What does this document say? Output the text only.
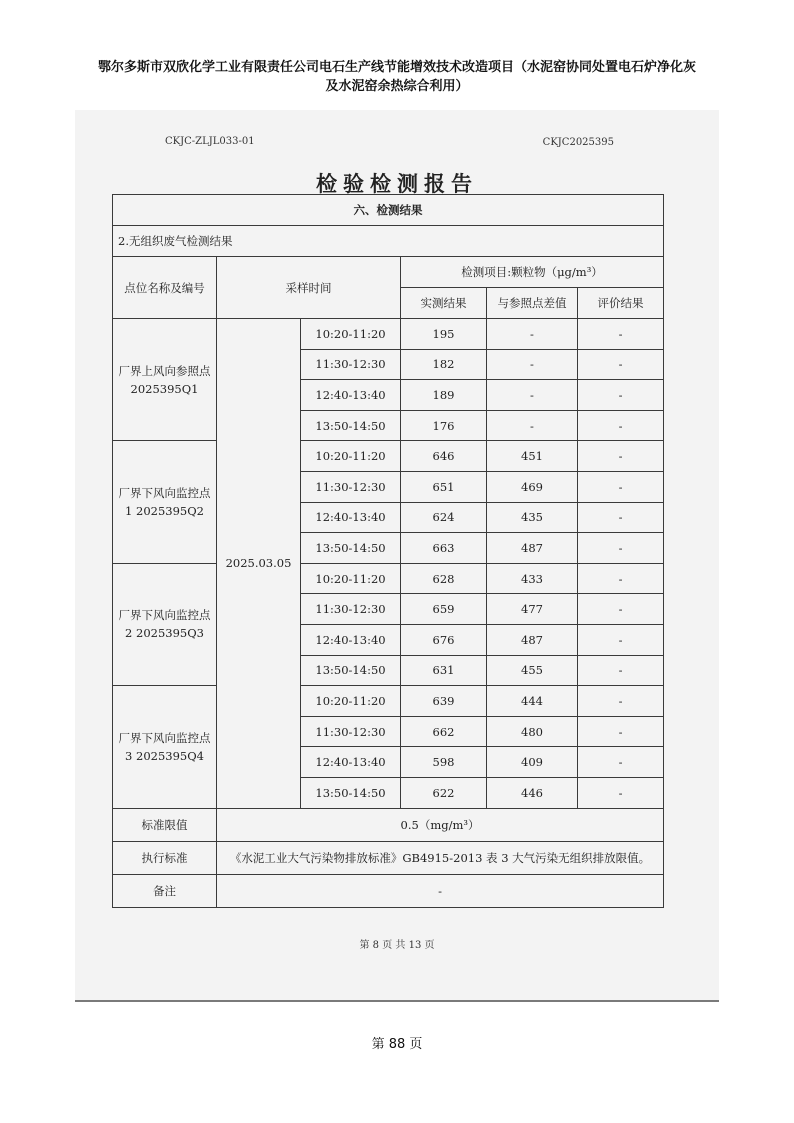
鄂尔多斯市双欣化学工业有限责任公司电石生产线节能增效技术改造项目（水泥窑协同处置电石炉净化灰
及水泥窑余热综合利用）
CKJC-ZLJL033-01	CKJC2025395
检验检测报告
六、检测结果					
2.无组织废气检测结果					
点位名称及编号	采样时间		检测项目:颗粒物（μg/m³）		
			实测结果	与参照点差值	评价结果
厂界上风向参照点 2025395Q1	2025.03.05	10:20-11:20	195	-	-
		11:30-12:30	182	-	-
		12:40-13:40	189	-	-
		13:50-14:50	176	-	-
厂界下风向监控点 1 2025395Q2		10:20-11:20	646	451	-
		11:30-12:30	651	469	-
		12:40-13:40	624	435	-
		13:50-14:50	663	487	-
厂界下风向监控点 2 2025395Q3		10:20-11:20	628	433	-
		11:30-12:30	659	477	-
		12:40-13:40	676	487	-
		13:50-14:50	631	455	-
厂界下风向监控点 3 2025395Q4		10:20-11:20	639	444	-
		11:30-12:30	662	480	-
		12:40-13:40	598	409	-
		13:50-14:50	622	446	-
标准限值	0.5（mg/m³）				
执行标准	《水泥工业大气污染物排放标准》GB4915-2013 表 3 大气污染无组织排放限值。				
备注	-				
第 8 页 共 13 页
第 88 页
